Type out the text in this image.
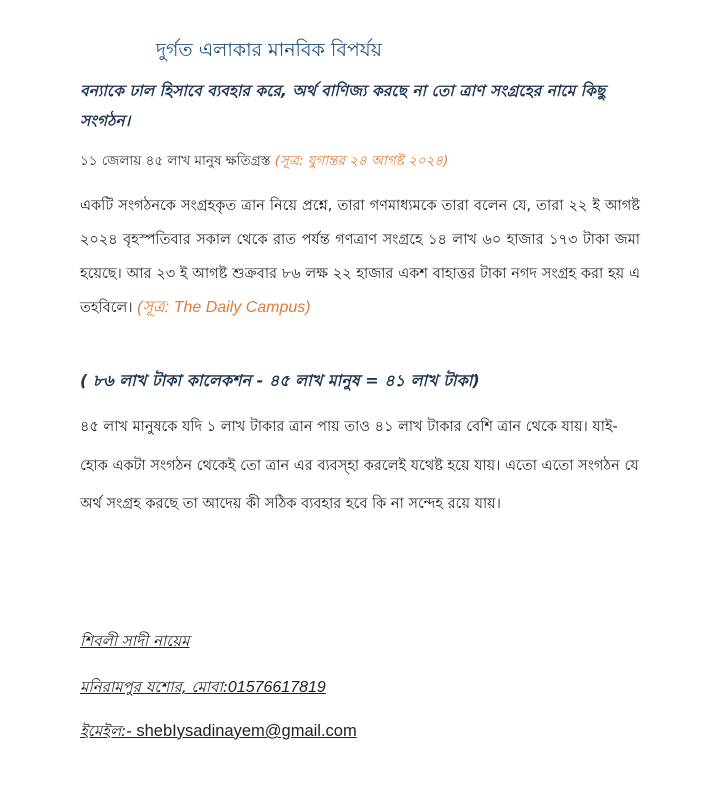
দুর্গত এলাকার মানবিক বিপর্যয়
বন্যাকে ঢাল হিসাবে ব্যবহার করে, অর্থ বাণিজ্য করছে না তো ত্রাণ সংগ্রহের নামে কিছু সংগঠন।
১১ জেলায় ৪৫ লাখ মানুষ ক্ষতিগ্রস্ত (সূত্র: যুগান্তর ২৪ আগষ্ট ২০২৪)
একটি সংগঠনকে সংগ্রহকৃত ত্রান নিয়ে প্রশ্নে, তারা গণমাধ্যমকে তারা বলেন যে, তারা ২২ ই আগষ্ট ২০২৪ বৃহস্পতিবার সকাল থেকে রাত পর্যন্ত গণত্রাণ সংগ্রহে ১৪ লাখ ৬০ হাজার ১৭৩ টাকা জমা হয়েছে। আর ২৩ ই আগষ্ট শুক্রবার ৮৬ লক্ষ ২২ হাজার একশ বাহাত্তর টাকা নগদ সংগ্রহ করা হয় এ তহবিলে। (সূত্র: The Daily Campus)
( ৮৬ লাখ টাকা কালেকশন - ৪৫ লাখ মানুষ = ৪১ লাখ টাকা)
৪৫ লাখ মানুষকে যদি ১ লাখ টাকার ত্রান পায় তাও ৪১ লাখ টাকার বেশি ত্রান থেকে যায়। যাই-হোক একটা সংগঠন থেকেই তো ত্রান এর ব্যবস্হা করলেই যথেষ্ট হয়ে যায়। এতো এতো সংগঠন যে অর্থ সংগ্রহ করছে তা আদেয় কী সঠিক ব্যবহার হবে কি না সন্দেহ রয়ে যায়।
শিবলী সাদী নায়েম
মনিরামপুর যশোর, মোবা:01576617819
ইমেইল:- shebIysadinayem@gmail.com
